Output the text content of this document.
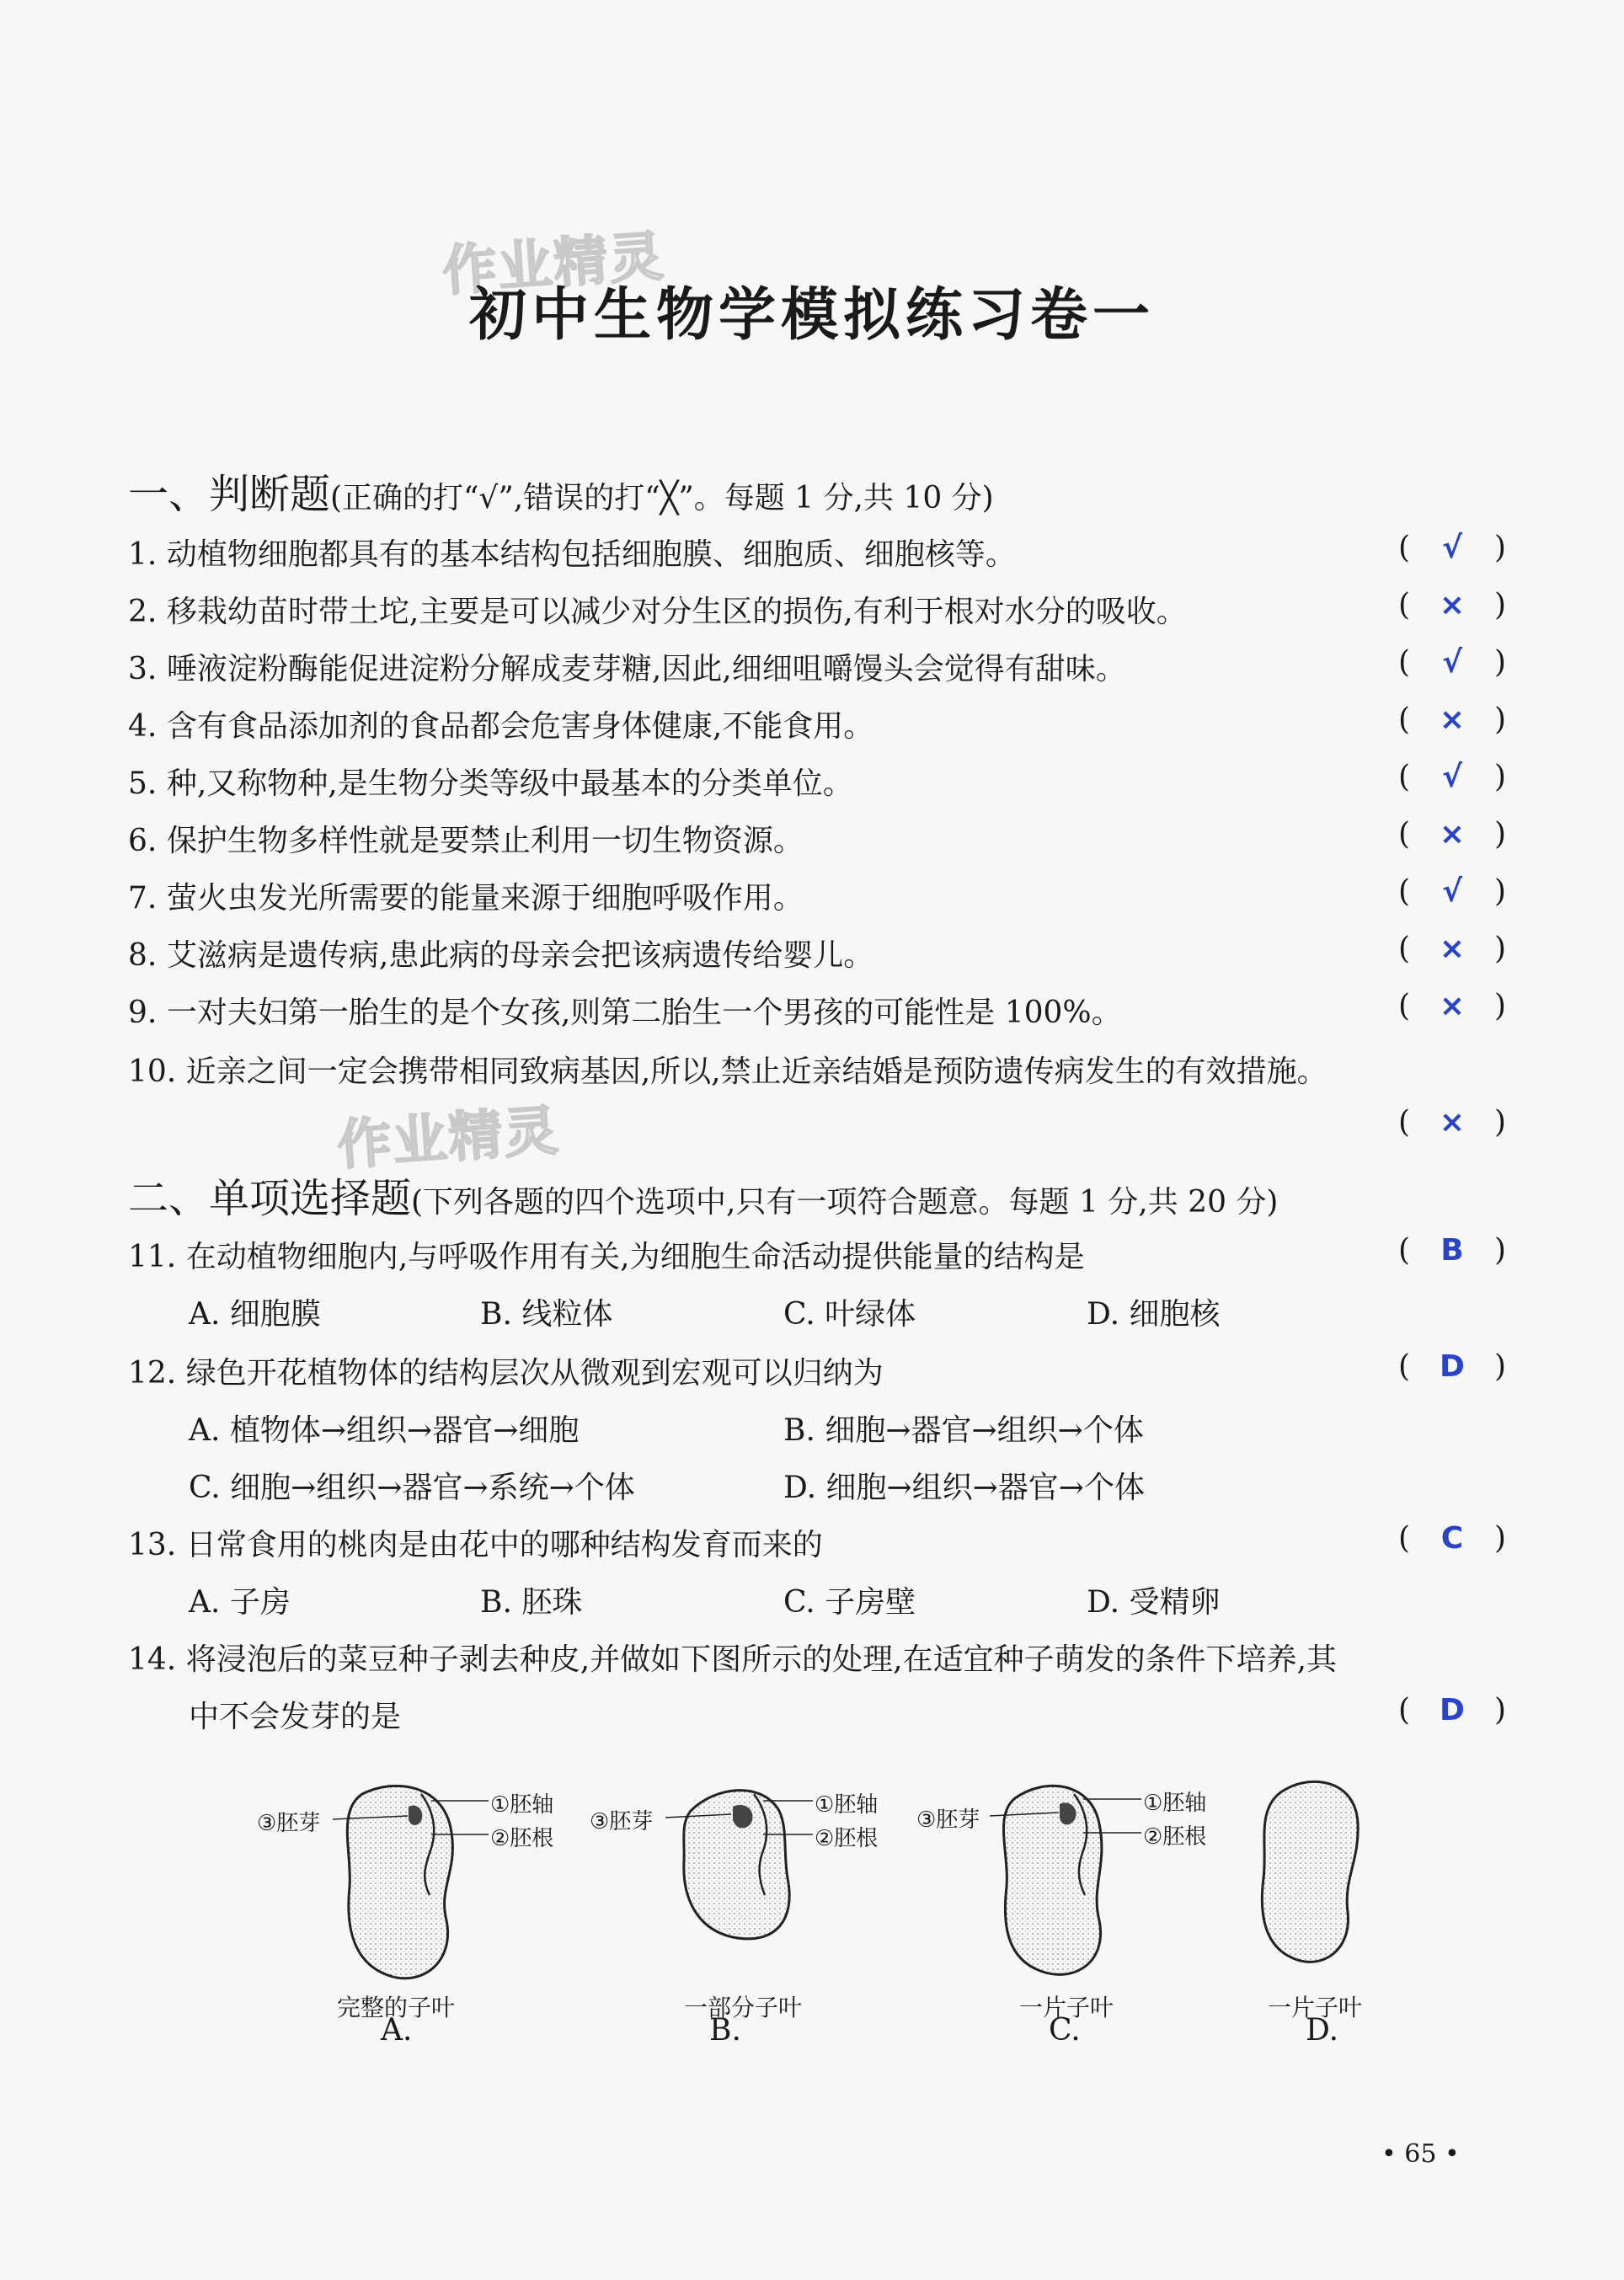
作业精灵
作业精灵
初中生物学模拟练习卷一
一、判断题(正确的打“√”,错误的打“╳”。每题 1 分,共 10 分)
1. 动植物细胞都具有的基本结构包括细胞膜、细胞质、细胞核等。	( √ )
2. 移栽幼苗时带土坨,主要是可以减少对分生区的损伤,有利于根对水分的吸收。	( × )
3. 唾液淀粉酶能促进淀粉分解成麦芽糖,因此,细细咀嚼馒头会觉得有甜味。	( √ )
4. 含有食品添加剂的食品都会危害身体健康,不能食用。	( × )
5. 种,又称物种,是生物分类等级中最基本的分类单位。	( √ )
6. 保护生物多样性就是要禁止利用一切生物资源。	( × )
7. 萤火虫发光所需要的能量来源于细胞呼吸作用。	( √ )
8. 艾滋病是遗传病,患此病的母亲会把该病遗传给婴儿。	( × )
9. 一对夫妇第一胎生的是个女孩,则第二胎生一个男孩的可能性是 100%。	( × )
10. 近亲之间一定会携带相同致病基因,所以,禁止近亲结婚是预防遗传病发生的有效措施。
( × )
二、单项选择题(下列各题的四个选项中,只有一项符合题意。每题 1 分,共 20 分)
11. 在动植物细胞内,与呼吸作用有关,为细胞生命活动提供能量的结构是	( B )
A. 细胞膜	B. 线粒体	C. 叶绿体	D. 细胞核
12. 绿色开花植物体的结构层次从微观到宏观可以归纳为	( D )
A. 植物体→组织→器官→细胞	B. 细胞→器官→组织→个体
C. 细胞→组织→器官→系统→个体	D. 细胞→组织→器官→个体
13. 日常食用的桃肉是由花中的哪种结构发育而来的	( C )
A. 子房	B. 胚珠	C. 子房壁	D. 受精卵
14. 将浸泡后的菜豆种子剥去种皮,并做如下图所示的处理,在适宜种子萌发的条件下培养,其
中不会发芽的是	( D )
③胚芽
①胚轴
②胚根
③胚芽
①胚轴
②胚根
③胚芽
①胚轴
②胚根
完整的子叶	一部分子叶	一片子叶	一片子叶
A.	B.	C.	D.
• 65 •
